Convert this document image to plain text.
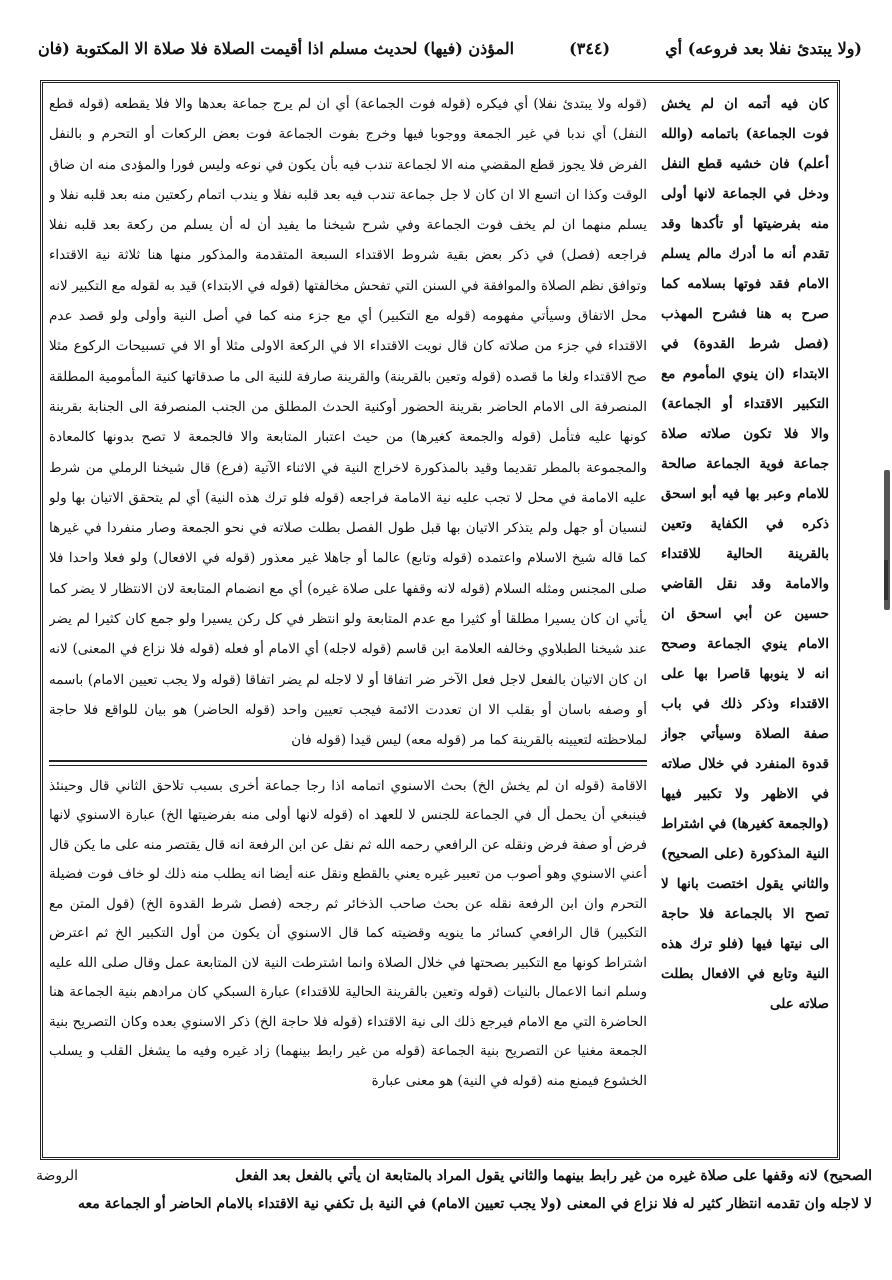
(ولا يبتدئ نفلا بعد فروعه) أي
(٣٤٤)
المؤذن (فيها) لحديث مسلم اذا أقيمت الصلاة فلا صلاة الا المكتوبة (فان
كان فيه أتمه ان لم يخش فوت الجماعة) باتمامه (والله أعلم) فان خشيه قطع النفل ودخل في الجماعة لانها أولى منه بفرضيتها أو تأكدها وقد تقدم أنه ما أدرك مالم يسلم الامام فقد فوتها بسلامه كما صرح به هنا فشرح المهذب (فصل شرط القدوة) في الابتداء (ان ينوي المأموم مع التكبير الاقتداء أو الجماعة) والا فلا تكون صلاته صلاة جماعة فوية الجماعة صالحة للامام وعبر بها فيه أبو اسحق ذكره في الكفاية وتعين بالقرينة الحالية للاقتداء والامامة وقد نقل القاضي حسين عن أبي اسحق ان الامام ينوي الجماعة وصحح انه لا ينوبها قاصرا بها على الاقتداء وذكر ذلك في باب صفة الصلاة وسيأتي جواز قدوة المنفرد في خلال صلاته في الاظهر ولا تكبير فيها (والجمعة كغيرها) في اشتراط النية المذكورة (على الصحيح) والثاني يقول اختصت بانها لا تصح الا بالجماعة فلا حاجة الى نيتها فيها (فلو ترك هذه النية وتابع في الافعال بطلت صلاته على

(قوله ولا يبتدئ نفلا) أي فيكره (قوله فوت الجماعة) أي ان لم يرج جماعة بعدها والا فلا يقطعه (قوله قطع النفل) أي ندبا في غير الجمعة ووجوبا فيها وخرج بفوت الجماعة فوت بعض الركعات أو التحرم و بالنفل الفرض فلا يجوز قطع المقضي منه الا لجماعة تندب فيه بأن يكون في نوعه وليس فورا والمؤدى منه ان ضاق الوقت وكذا ان اتسع الا ان كان لا جل جماعة تندب فيه بعد قلبه نفلا و يندب اتمام ركعتين منه بعد قلبه نفلا و يسلم منهما ان لم يخف فوت الجماعة وفي شرح شيخنا ما يفيد أن له أن يسلم من ركعة بعد قلبه نفلا فراجعه (فصل) في ذكر بعض بقية شروط الاقتداء السبعة المتقدمة والمذكور منها هنا ثلاثة نية الاقتداء وتوافق نظم الصلاة والموافقة في السنن التي تفحش مخالفتها (قوله في الابتداء) قيد به لقوله مع التكبير لانه محل الاتفاق وسيأتي مفهومه (قوله مع التكبير) أي مع جزء منه كما في أصل النية وأولى ولو قصد عدم الاقتداء في جزء من صلاته كان قال نويت الاقتداء الا في الركعة الاولى مثلا أو الا في تسبيحات الركوع مثلا صح الاقتداء ولغا ما قصده (قوله وتعين بالقرينة) والقرينة صارفة للنية الى ما صدقاتها كنية المأمومية المطلقة المنصرفة الى الامام الحاضر بقرينة الحضور أوكنية الحدث المطلق من الجنب المنصرفة الى الجنابة بقرينة كونها عليه فتأمل (قوله والجمعة كغيرها) من حيث اعتبار المتابعة والا فالجمعة لا تصح بدونها كالمعادة والمجموعة بالمطر تقديما وقيد بالمذكورة لاخراج النية في الاثناء الآتية (فرع) قال شيخنا الرملي من شرط عليه الامامة في محل لا تجب عليه نية الامامة فراجعه (قوله فلو ترك هذه النية) أي لم يتحقق الاتيان بها ولو لنسيان أو جهل ولم يتذكر الاتيان بها قبل طول الفصل بطلت صلاته في نحو الجمعة وصار منفردا في غيرها كما قاله شيخ الاسلام واعتمده (قوله وتابع) عالما أو جاهلا غير معذور (قوله في الافعال) ولو فعلا واحدا فلا صلى المجنس ومثله السلام (قوله لانه وقفها على صلاة غيره) أي مع انضمام المتابعة لان الانتظار لا يضر كما يأتي ان كان يسيرا مطلقا أو كثيرا مع عدم المتابعة ولو انتظر في كل ركن يسيرا ولو جمع كان كثيرا لم يضر عند شيخنا الطبلاوي وخالفه العلامة ابن قاسم (قوله لاجله) أي الامام أو فعله (قوله فلا نزاع في المعنى) لانه ان كان الاتيان بالفعل لاجل فعل الآخر ضر اتفاقا أو لا لاجله لم يضر اتفاقا (قوله ولا يجب تعيين الامام) باسمه أو وصفه باسان أو بقلب الا ان تعددت الائمة فيجب تعيين واحد (قوله الحاضر) هو بيان للواقع فلا حاجة لملاحظته لتعيينه بالقرينة كما مر (قوله معه) ليس قيدا (قوله فان

الاقامة (قوله ان لم يخش الخ) بحث الاسنوي اتمامه اذا رجا جماعة أخرى بسبب تلاحق الثاني قال وحينئذ فينبغي أن يحمل أل في الجماعة للجنس لا للعهد اه (قوله لانها أولى منه بفرضيتها الخ) عبارة الاسنوي لانها فرض أو صفة فرض ونقله عن الرافعي رحمه الله ثم نقل عن ابن الرفعة انه قال يقتصر منه على ما يكن قال أعني الاسنوي وهو أصوب من تعبير غيره يعني بالقطع ونقل عنه أيضا انه يطلب منه ذلك لو خاف فوت فضيلة التحرم وان ابن الرفعة نقله عن بحث صاحب الذخائر ثم رجحه (فصل شرط القدوة الخ) (قول المتن مع التكبير) قال الرافعي كسائر ما ينويه وقضيته كما قال الاسنوي أن يكون من أول التكبير الخ ثم اعترض اشتراط كونها مع التكبير بصحتها في خلال الصلاة وانما اشترطت النية لان المتابعة عمل وقال صلى الله عليه وسلم انما الاعمال بالنيات (قوله وتعين بالقرينة الحالية للاقتداء) عبارة السبكي كان مرادهم بنية الجماعة هنا الحاضرة التي مع الامام فيرجع ذلك الى نية الاقتداء (قوله فلا حاجة الخ) ذكر الاسنوي بعده وكان التصريح بنية الجمعة مغنيا عن التصريح بنية الجماعة (قوله من غير رابط بينهما) زاد غيره وفيه ما يشغل القلب و يسلب الخشوع فيمنع منه (قوله في النية) هو معنى عبارة

الروضة	الصحيح) لانه وقفها على صلاة غيره من غير رابط بينهما والثاني يقول المراد بالمتابعة ان يأتي بالفعل بعد الفعل
لا لاجله وان تقدمه انتظار كثير له فلا نزاع في المعنى (ولا يجب تعيين الامام) في النية بل تكفي نية الاقتداء بالامام الحاضر أو الجماعة معه
